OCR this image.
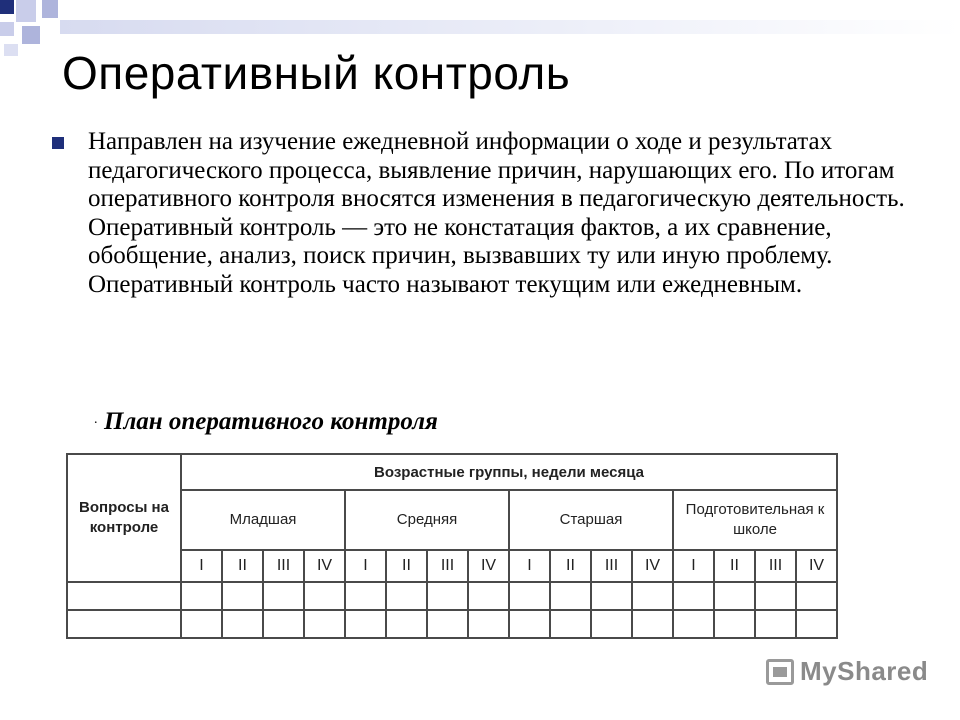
Оперативный контроль
Направлен на изучение ежедневной информации о ходе и результатах педагогического процесса, выявление причин, нарушающих его. По итогам оперативного контроля вносятся изменения в педагогическую деятельность. Оперативный контроль — это не констатация фактов, а их сравнение, обобщение, анализ, поиск причин, вызвавших ту или иную проблему. Оперативный контроль часто называют текущим или ежедневным.
. План оперативного контроля
Вопросы на контроле	Возрастные группы, недели месяца															
	Младшая				Средняя				Старшая				Подготовительная к школе			
	I	II	III	IV	I	II	III	IV	I	II	III	IV	I	II	III	IV

MyShared
